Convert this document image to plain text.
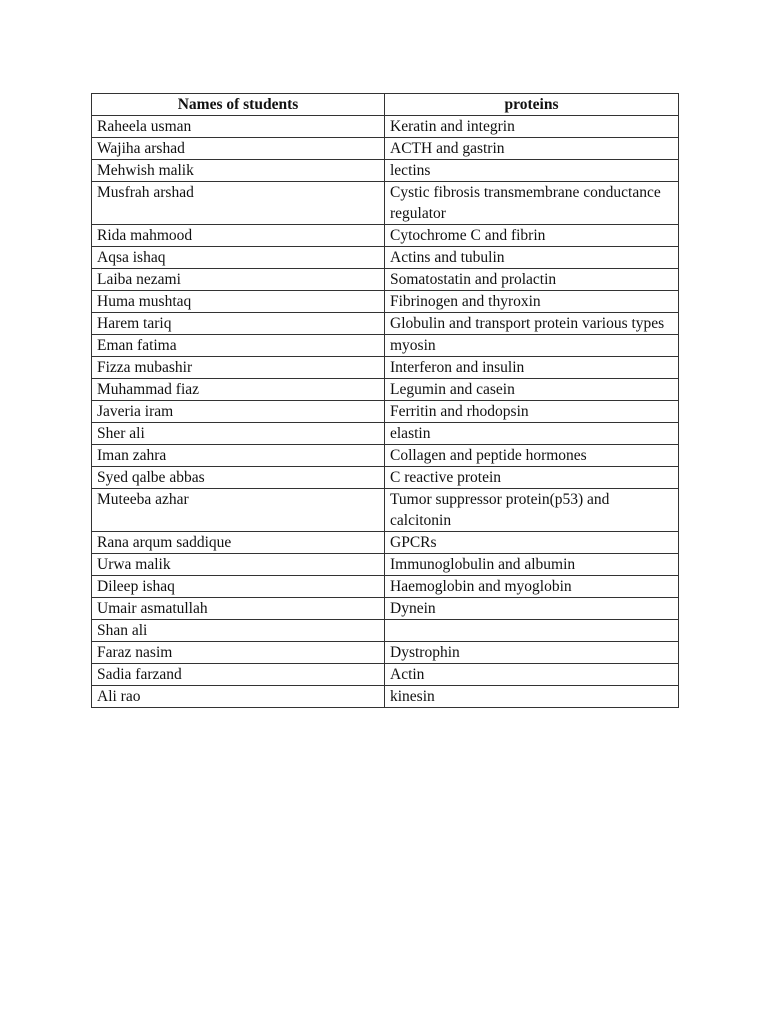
Names of students	proteins
Raheela usman	Keratin and integrin
Wajiha arshad	ACTH and gastrin
Mehwish malik	lectins
Musfrah arshad	Cystic fibrosis transmembrane conductance regulator
Rida mahmood	Cytochrome C and fibrin
Aqsa ishaq	Actins and tubulin
Laiba nezami	Somatostatin and prolactin
Huma mushtaq	Fibrinogen and thyroxin
Harem tariq	Globulin and transport protein various types
Eman fatima	myosin
Fizza mubashir	Interferon and insulin
Muhammad fiaz	Legumin and casein
Javeria iram	Ferritin and rhodopsin
Sher ali	elastin
Iman zahra	Collagen and peptide hormones
Syed qalbe abbas	C reactive protein
Muteeba azhar	Tumor suppressor protein(p53) and calcitonin
Rana arqum saddique	GPCRs
Urwa malik	Immunoglobulin and albumin
Dileep ishaq	Haemoglobin and myoglobin
Umair asmatullah	Dynein
Shan ali	
Faraz nasim	Dystrophin
Sadia farzand	Actin
Ali rao	kinesin
